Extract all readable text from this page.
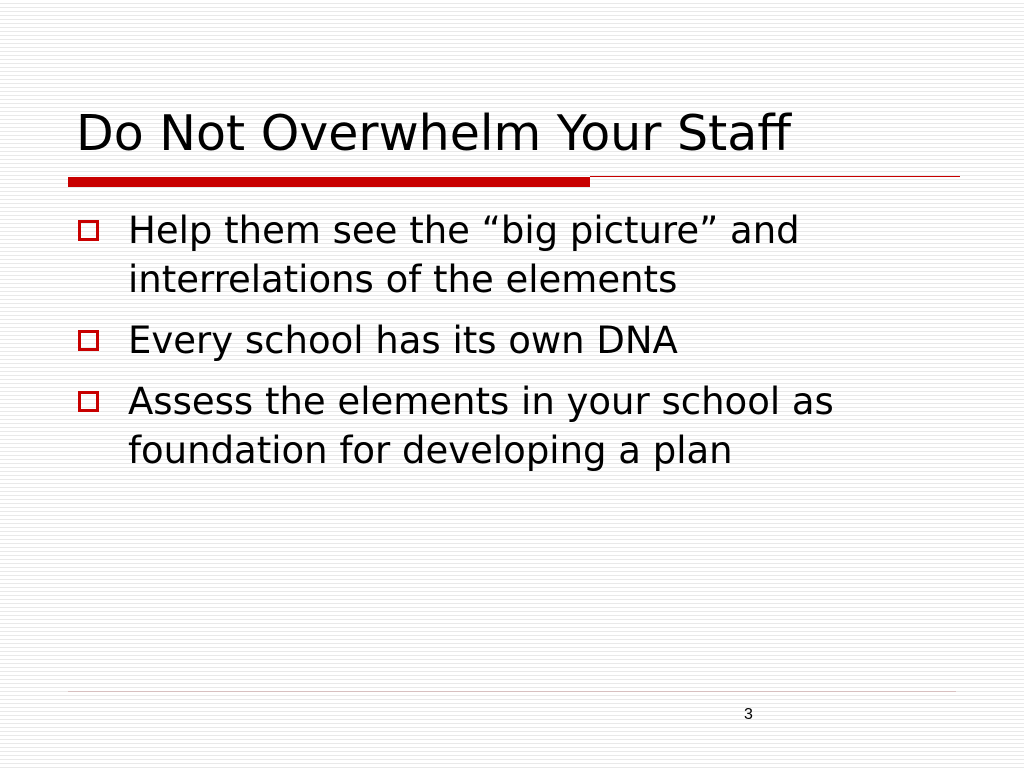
Do Not Overwhelm Your Staff
Help them see the “big picture” and
interrelations of the elements
Every school has its own DNA
Assess the elements in your school as
foundation for developing a plan
3
